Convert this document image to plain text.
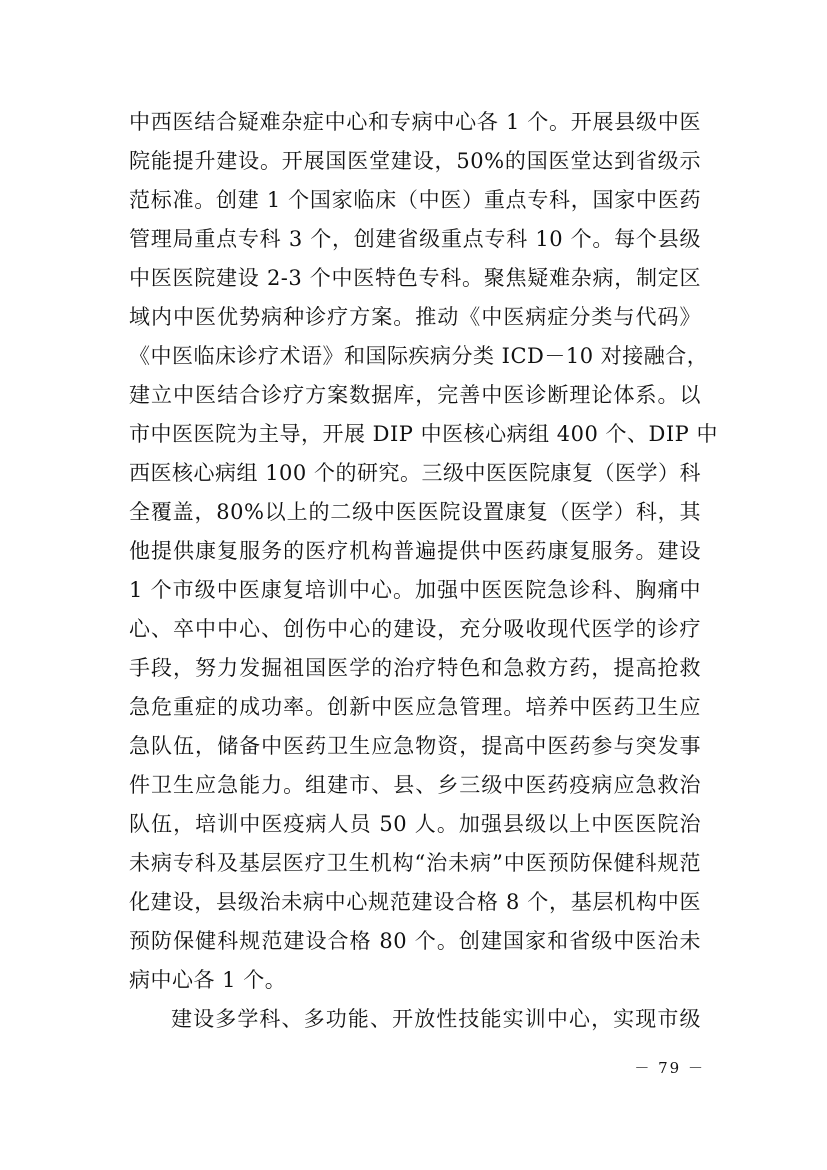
中西医结合疑难杂症中心和专病中心各 1 个。开展县级中医
院能提升建设。开展国医堂建设，50%的国医堂达到省级示
范标准。创建 1 个国家临床（中医）重点专科，国家中医药
管理局重点专科 3 个，创建省级重点专科 10 个。每个县级
中医医院建设 2-3 个中医特色专科。聚焦疑难杂病，制定区
域内中医优势病种诊疗方案。推动《中医病症分类与代码》
《中医临床诊疗术语》和国际疾病分类 ICD－10 对接融合，
建立中医结合诊疗方案数据库，完善中医诊断理论体系。以
市中医医院为主导，开展 DIP 中医核心病组 400 个、DIP 中
西医核心病组 100 个的研究。三级中医医院康复（医学）科
全覆盖，80%以上的二级中医医院设置康复（医学）科，其
他提供康复服务的医疗机构普遍提供中医药康复服务。建设
1 个市级中医康复培训中心。加强中医医院急诊科、胸痛中
心、卒中中心、创伤中心的建设，充分吸收现代医学的诊疗
手段，努力发掘祖国医学的治疗特色和急救方药，提高抢救
急危重症的成功率。创新中医应急管理。培养中医药卫生应
急队伍，储备中医药卫生应急物资，提高中医药参与突发事
件卫生应急能力。组建市、县、乡三级中医药疫病应急救治
队伍，培训中医疫病人员 50 人。加强县级以上中医医院治
未病专科及基层医疗卫生机构“治未病”中医预防保健科规范
化建设，县级治未病中心规范建设合格 8 个，基层机构中医
预防保健科规范建设合格 80 个。创建国家和省级中医治未
病中心各 1 个。
建设多学科、多功能、开放性技能实训中心，实现市级
－ 79 －
